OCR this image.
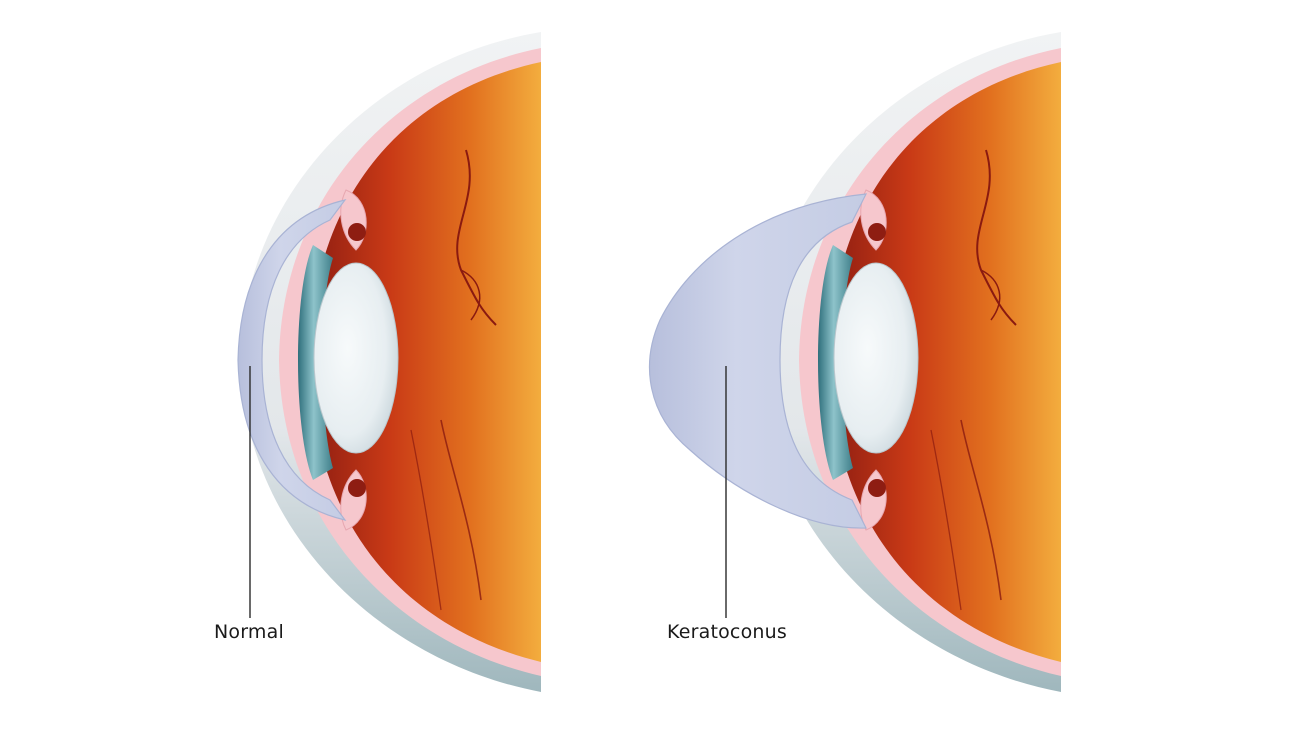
Normal	Keratoconus
